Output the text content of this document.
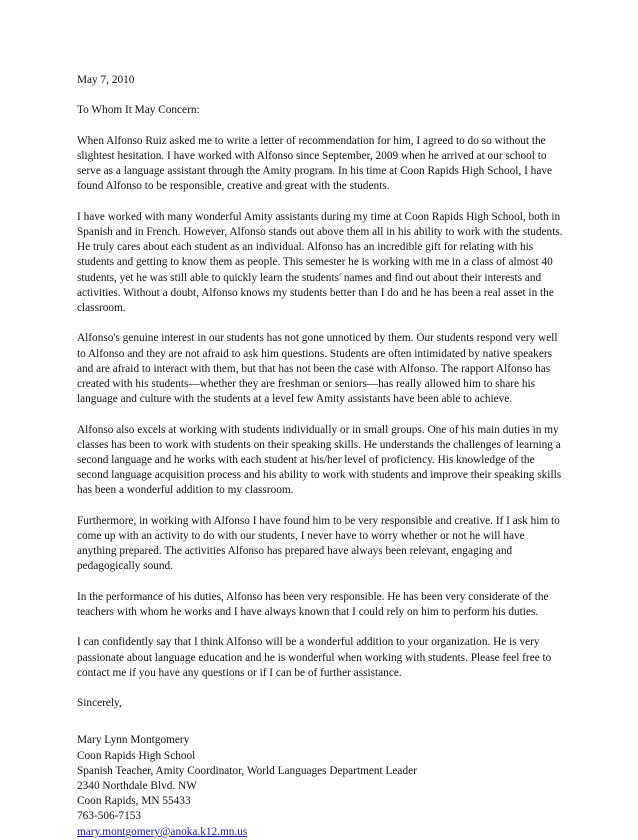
May 7, 2010

To Whom It May Concern:

When Alfonso Ruiz asked me to write a letter of recommendation for him, I agreed to do so without the slightest hesitation. I have worked with Alfonso since September, 2009 when he arrived at our school to serve as a language assistant through the Amity program. In his time at Coon Rapids High School, I have found Alfonso to be responsible, creative and great with the students.

I have worked with many wonderful Amity assistants during my time at Coon Rapids High School, both in Spanish and in French. However, Alfonso stands out above them all in his ability to work with the students. He truly cares about each student as an individual. Alfonso has an incredible gift for relating with his students and getting to know them as people. This semester he is working with me in a class of almost 40 students, yet he was still able to quickly learn the students' names and find out about their interests and activities. Without a doubt, Alfonso knows my students better than I do and he has been a real asset in the classroom.

Alfonso's genuine interest in our students has not gone unnoticed by them. Our students respond very well to Alfonso and they are not afraid to ask him questions. Students are often intimidated by native speakers and are afraid to interact with them, but that has not been the case with Alfonso. The rapport Alfonso has created with his students—whether they are freshman or seniors—has really allowed him to share his language and culture with the students at a level few Amity assistants have been able to achieve.

Alfonso also excels at working with students individually or in small groups. One of his main duties in my classes has been to work with students on their speaking skills. He understands the challenges of learning a second language and he works with each student at his/her level of proficiency. His knowledge of the second language acquisition process and his ability to work with students and improve their speaking skills has been a wonderful addition to my classroom.

Furthermore, in working with Alfonso I have found him to be very responsible and creative. If I ask him to come up with an activity to do with our students, I never have to worry whether or not he will have anything prepared. The activities Alfonso has prepared have always been relevant, engaging and pedagogically sound.

In the performance of his duties, Alfonso has been very responsible. He has been very considerate of the teachers with whom he works and I have always known that I could rely on him to perform his duties.

I can confidently say that I think Alfonso will be a wonderful addition to your organization. He is very passionate about language education and he is wonderful when working with students. Please feel free to contact me if you have any questions or if I can be of further assistance.

Sincerely,

Mary Lynn Montgomery
Coon Rapids High School
Spanish Teacher, Amity Coordinator, World Languages Department Leader
2340 Northdale Blvd. NW
Coon Rapids, MN 55433
763-506-7153
mary.montgomery@anoka.k12.mn.us
